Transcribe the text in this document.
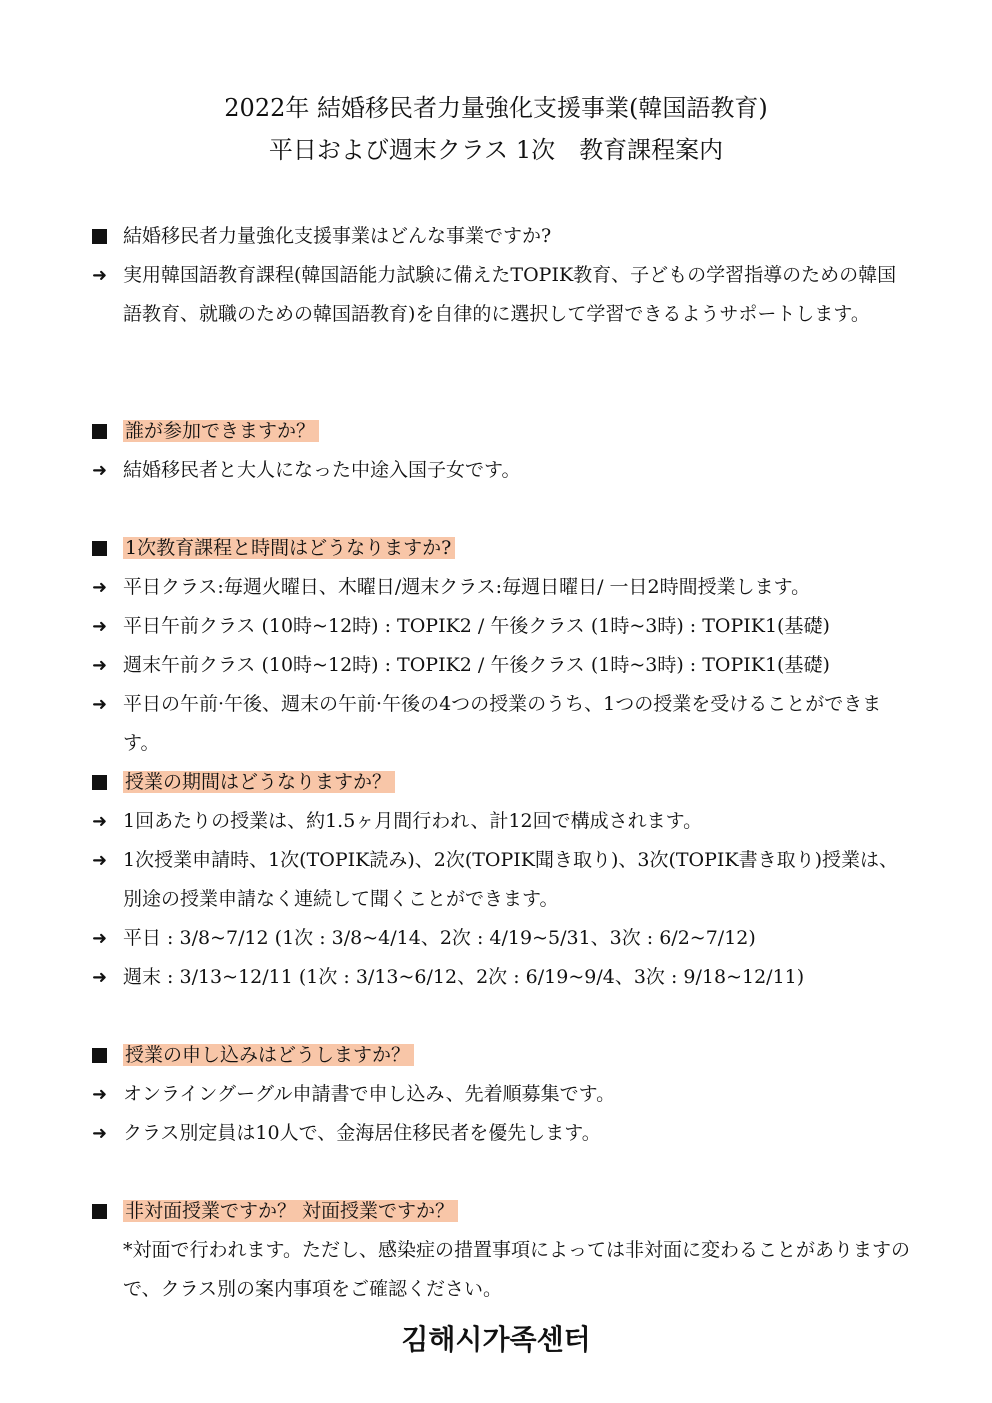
2022年 結婚移民者力量強化支援事業(韓国語教育)
平日および週末クラス 1次　教育課程案内
結婚移民者力量強化支援事業はどんな事業ですか?
➜ 実用韓国語教育課程(韓国語能力試験に備えたTOPIK教育、子どもの学習指導のための韓国語教育、就職のための韓国語教育)を自律的に選択して学習できるようサポートします。
誰が参加できますか？
➜ 結婚移民者と大人になった中途入国子女です。
1次教育課程と時間はどうなりますか?
➜ 平日クラス:毎週火曜日、木曜日/週末クラス:毎週日曜日/ 一日2時間授業します。
➜ 平日午前クラス (10時~12時) : TOPIK2 / 午後クラス (1時~3時) : TOPIK1(基礎)
➜ 週末午前クラス (10時~12時) : TOPIK2 / 午後クラス (1時~3時) : TOPIK1(基礎)
➜ 平日の午前·午後、週末の午前·午後の4つの授業のうち、1つの授業を受けることができます。
授業の期間はどうなりますか？
➜ 1回あたりの授業は、約1.5ヶ月間行われ、計12回で構成されます。
➜ 1次授業申請時、1次(TOPIK読み)、2次(TOPIK聞き取り)、3次(TOPIK書き取り)授業は、別途の授業申請なく連続して聞くことができます。
➜ 平日 : 3/8~7/12 (1次 : 3/8~4/14、2次 : 4/19~5/31、3次 : 6/2~7/12)
➜ 週末 : 3/13~12/11 (1次 : 3/13~6/12、2次 : 6/19~9/4、3次 : 9/18~12/11)
授業の申し込みはどうしますか？
➜ オンライングーグル申請書で申し込み、先着順募集です。
➜ クラス別定員は10人で、金海居住移民者を優先します。
非対面授業ですか？ 対面授業ですか？
*対面で行われます。ただし、感染症の措置事項によっては非対面に変わることがありますので、クラス別の案内事項をご確認ください。
김해시가족센터
